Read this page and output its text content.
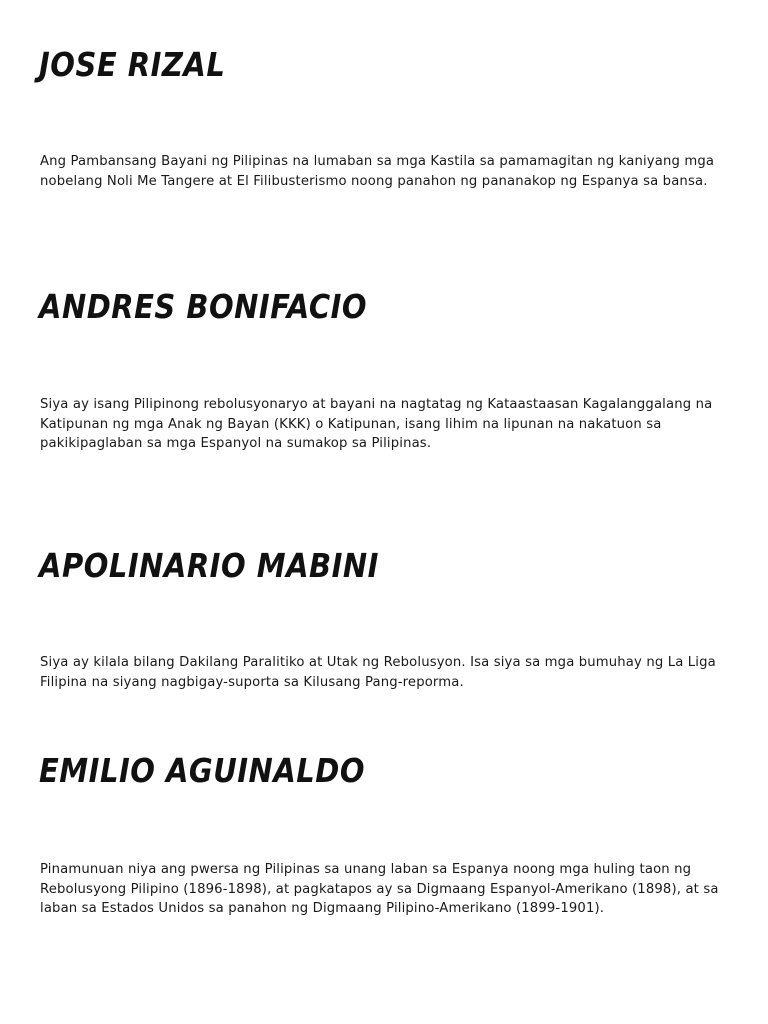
JOSE RIZAL

Ang Pambansang Bayani ng Pilipinas na lumaban sa mga Kastila sa pamamagitan ng kaniyang mga nobelang Noli Me Tangere at El Filibusterismo noong panahon ng pananakop ng Espanya sa bansa.

ANDRES BONIFACIO

Siya ay isang Pilipinong rebolusyonaryo at bayani na nagtatag ng Kataastaasan Kagalanggalang na Katipunan ng mga Anak ng Bayan (KKK) o Katipunan, isang lihim na lipunan na nakatuon sa pakikipaglaban sa mga Espanyol na sumakop sa Pilipinas.

APOLINARIO MABINI

Siya ay kilala bilang Dakilang Paralitiko at Utak ng Rebolusyon. Isa siya sa mga bumuhay ng La Liga Filipina na siyang nagbigay-suporta sa Kilusang Pang-reporma.

EMILIO AGUINALDO

Pinamunuan niya ang pwersa ng Pilipinas sa unang laban sa Espanya noong mga huling taon ng Rebolusyong Pilipino (1896-1898), at pagkatapos ay sa Digmaang Espanyol-Amerikano (1898), at sa laban sa Estados Unidos sa panahon ng Digmaang Pilipino-Amerikano (1899-1901).
